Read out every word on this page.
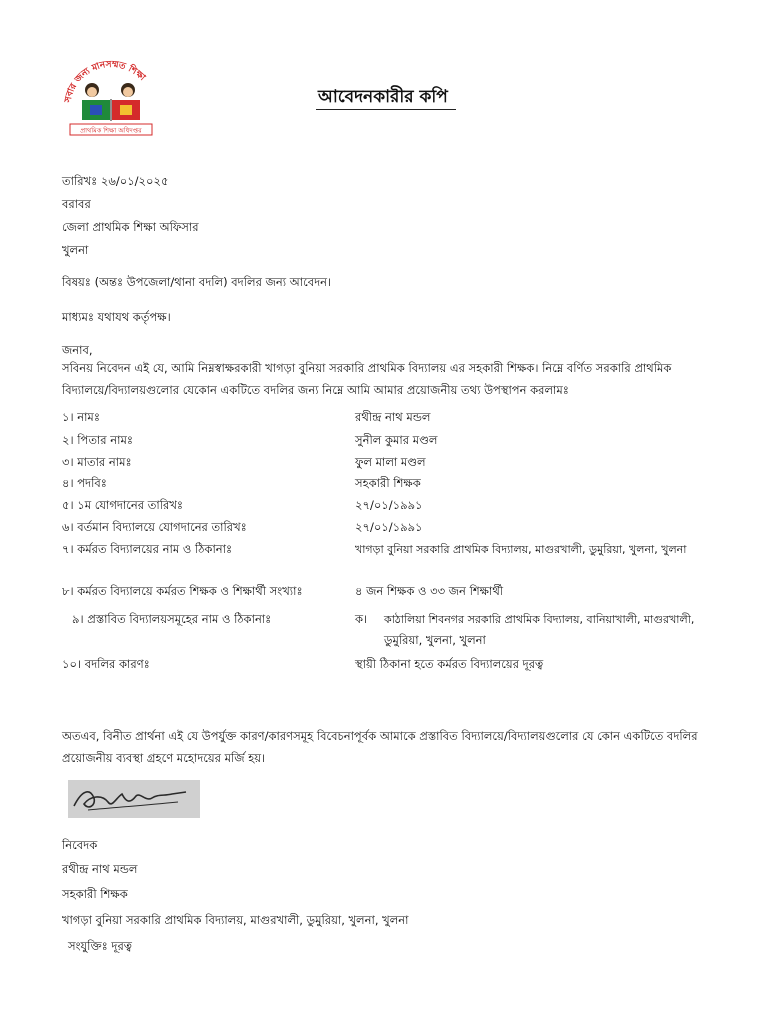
সবার জন্য মানসম্মত শিক্ষা
প্রাথমিক শিক্ষা অধিদপ্তর
আবেদনকারীর কপি
তারিখঃ ২৬/০১/২০২৫
বরাবর
জেলা প্রাথমিক শিক্ষা অফিসার
খুলনা
বিষয়ঃ (অন্তঃ উপজেলা/থানা বদলি) বদলির জন্য আবেদন।
মাধ্যমঃ যথাযথ কর্তৃপক্ষ।
জনাব,
সবিনয় নিবেদন এই যে, আমি নিম্নস্বাক্ষরকারী খাগড়া বুনিয়া সরকারি প্রাথমিক বিদ্যালয় এর সহকারী শিক্ষক। নিম্নে বর্ণিত সরকারি প্রাথমিক বিদ্যালয়ে/বিদ্যালয়গুলোর যেকোন একটিতে বদলির জন্য নিম্নে আমি আমার প্রয়োজনীয় তথ্য উপস্থাপন করলামঃ
১। নামঃ	রথীন্দ্র নাথ মন্ডল
২। পিতার নামঃ	সুনীল কুমার মণ্ডল
৩। মাতার নামঃ	ফুল মালা মণ্ডল
৪। পদবিঃ	সহকারী শিক্ষক
৫। ১ম যোগদানের তারিখঃ	২৭/০১/১৯৯১
৬। বর্তমান বিদ্যালয়ে যোগদানের তারিখঃ	২৭/০১/১৯৯১
৭। কর্মরত বিদ্যালয়ের নাম ও ঠিকানাঃ	খাগড়া বুনিয়া সরকারি প্রাথমিক বিদ্যালয়, মাগুরখালী, ডুমুরিয়া, খুলনা, খুলনা
৮। কর্মরত বিদ্যালয়ে কর্মরত শিক্ষক ও শিক্ষার্থী সংখ্যাঃ	৪ জন শিক্ষক ও ৩৩ জন শিক্ষার্থী
৯। প্রস্তাবিত বিদ্যালয়সমূহের নাম ও ঠিকানাঃ	ক। কাঠালিয়া শিবনগর সরকারি প্রাথমিক বিদ্যালয়, বানিয়াখালী, মাগুরখালী,
ডুমুরিয়া, খুলনা, খুলনা
১০। বদলির কারণঃ	স্থায়ী ঠিকানা হতে কর্মরত বিদ্যালয়ের দূরত্ব
অতএব, বিনীত প্রার্থনা এই যে উপর্যুক্ত কারণ/কারণসমূহ বিবেচনাপূর্বক আমাকে প্রস্তাবিত বিদ্যালয়ে/বিদ্যালয়গুলোর যে কোন একটিতে বদলির প্রয়োজনীয় ব্যবস্থা গ্রহণে মহোদয়ের মর্জি হয়।
নিবেদক
রথীন্দ্র নাথ মন্ডল
সহকারী শিক্ষক
খাগড়া বুনিয়া সরকারি প্রাথমিক বিদ্যালয়, মাগুরখালী, ডুমুরিয়া, খুলনা, খুলনা
সংযুক্তিঃ দূরত্ব
